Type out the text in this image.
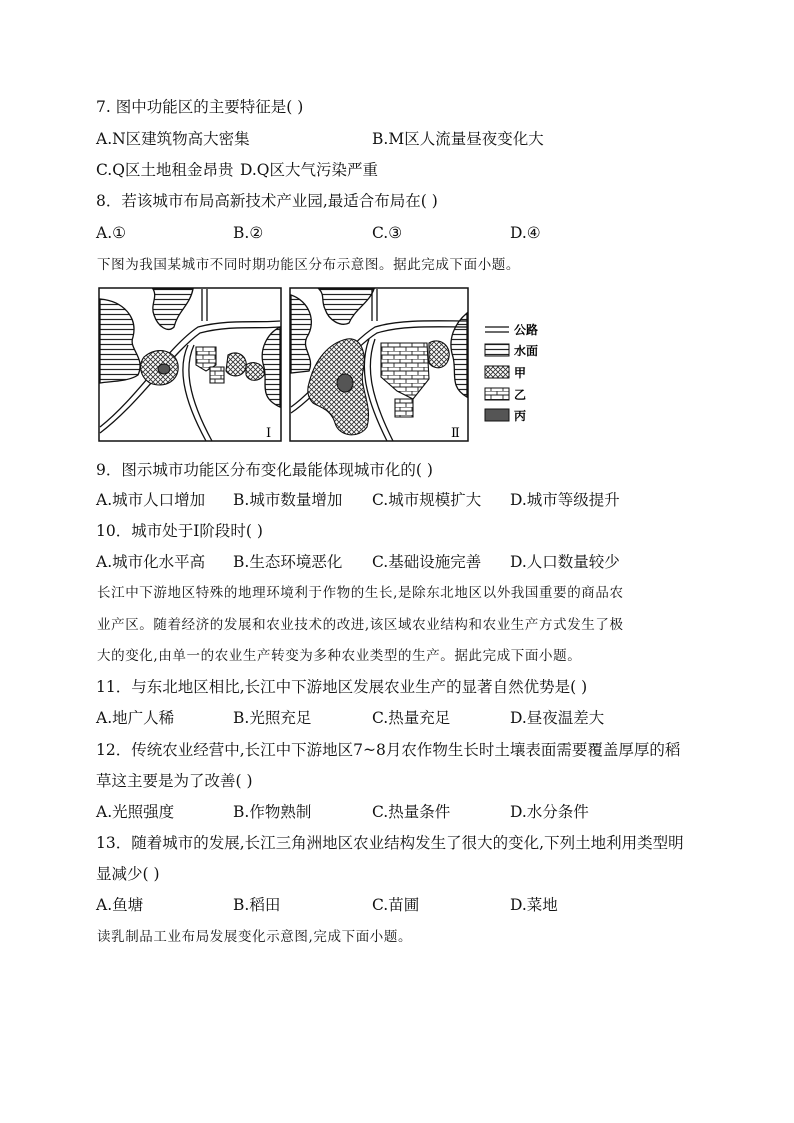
7. 图中功能区的主要特征是( )
A.N区建筑物高大密集	B.M区人流量昼夜变化大
C.Q区土地租金昂贵 D.Q区大气污染严重
8．若该城市布局高新技术产业园,最适合布局在( )
A.①	B.②	C.③	D.④
下图为我国某城市不同时期功能区分布示意图。据此完成下面小题。
Ⅰ	Ⅱ
公路
水面
甲
乙
丙
9．图示城市功能区分布变化最能体现城市化的( )
A.城市人口增加 B.城市数量增加 C.城市规模扩大 D.城市等级提升
10．城市处于Ⅰ阶段时( )
A.城市化水平高 B.生态环境恶化 C.基础设施完善 D.人口数量较少
长江中下游地区特殊的地理环境利于作物的生长,是除东北地区以外我国重要的商品农
业产区。随着经济的发展和农业技术的改进,该区域农业结构和农业生产方式发生了极
大的变化,由单一的农业生产转变为多种农业类型的生产。据此完成下面小题。
11．与东北地区相比,长江中下游地区发展农业生产的显著自然优势是( )
A.地广人稀	B.光照充足	C.热量充足	D.昼夜温差大
12．传统农业经营中,长江中下游地区7~8月农作物生长时土壤表面需要覆盖厚厚的稻
草这主要是为了改善( )
A.光照强度	B.作物熟制	C.热量条件	D.水分条件
13．随着城市的发展,长江三角洲地区农业结构发生了很大的变化,下列土地利用类型明
显减少( )
A.鱼塘	B.稻田	C.苗圃	D.菜地
读乳制品工业布局发展变化示意图,完成下面小题。
